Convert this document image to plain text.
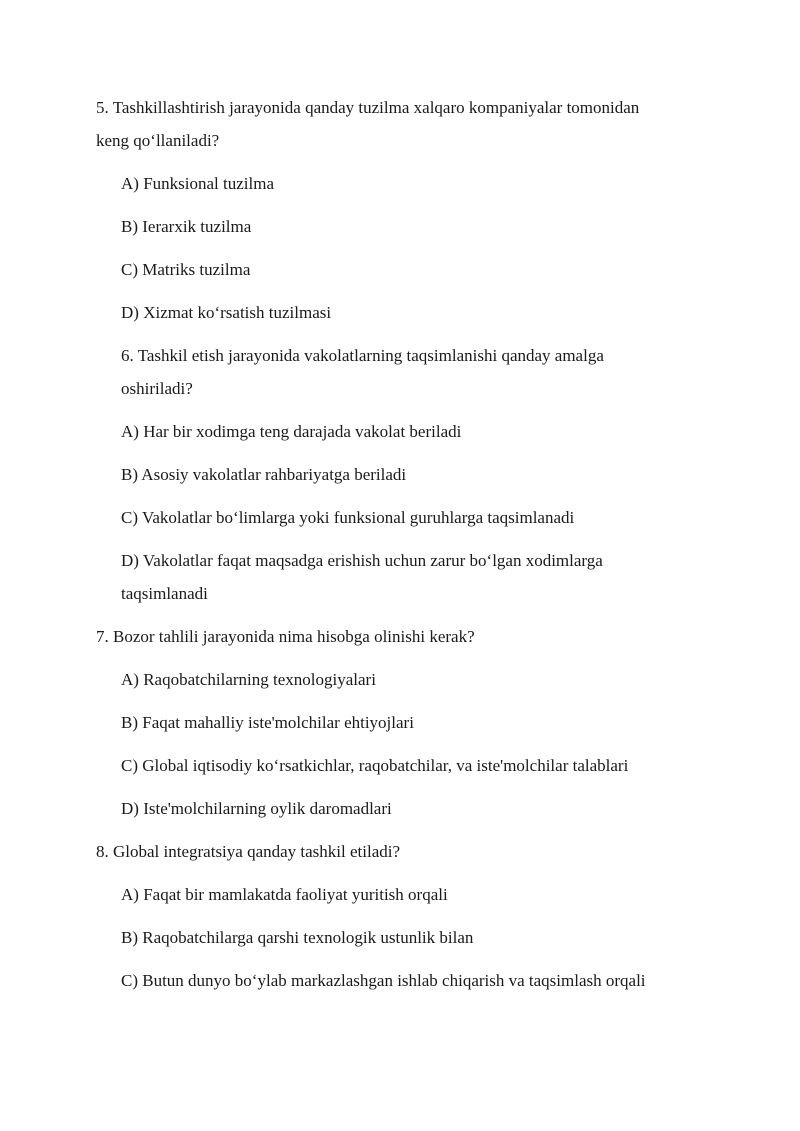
5. Tashkillashtirish jarayonida qanday tuzilma xalqaro kompaniyalar tomonidan
keng qo‘llaniladi?
A) Funksional tuzilma
B) Ierarxik tuzilma
C) Matriks tuzilma
D) Xizmat ko‘rsatish tuzilmasi
6. Tashkil etish jarayonida vakolatlarning taqsimlanishi qanday amalga
oshiriladi?
A) Har bir xodimga teng darajada vakolat beriladi
B) Asosiy vakolatlar rahbariyatga beriladi
C) Vakolatlar bo‘limlarga yoki funksional guruhlarga taqsimlanadi
D) Vakolatlar faqat maqsadga erishish uchun zarur bo‘lgan xodimlarga
taqsimlanadi
7. Bozor tahlili jarayonida nima hisobga olinishi kerak?
A) Raqobatchilarning texnologiyalari
B) Faqat mahalliy iste'molchilar ehtiyojlari
C) Global iqtisodiy ko‘rsatkichlar, raqobatchilar, va iste'molchilar talablari
D) Iste'molchilarning oylik daromadlari
8. Global integratsiya qanday tashkil etiladi?
A) Faqat bir mamlakatda faoliyat yuritish orqali
B) Raqobatchilarga qarshi texnologik ustunlik bilan
C) Butun dunyo bo‘ylab markazlashgan ishlab chiqarish va taqsimlash orqali
